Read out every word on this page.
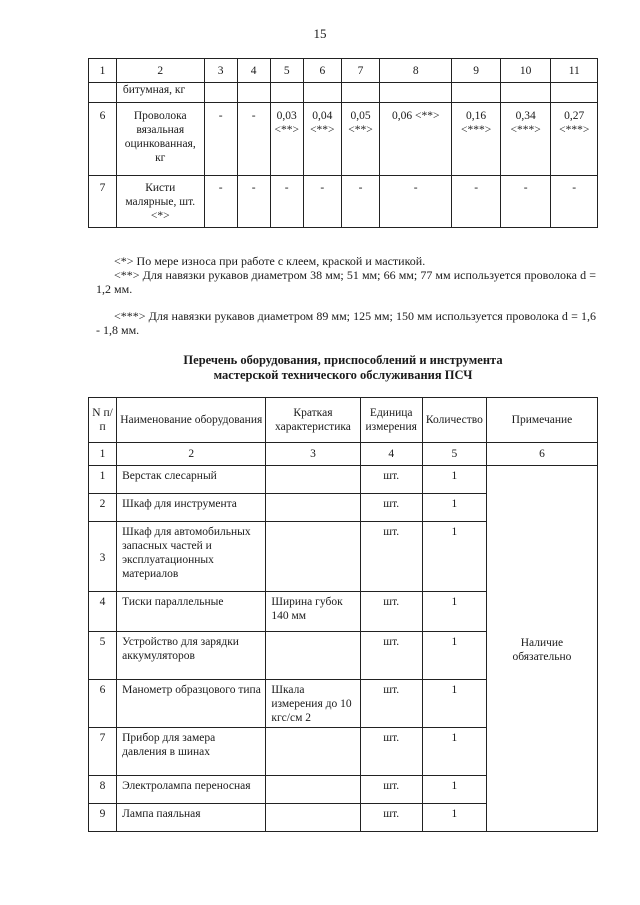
15
1	2	3	4	5	6	7	8	9	10	11
	битумная, кг									
6	Проволока вязальная оцинкованная, кг	-	-	0,03 <**>	0,04 <**>	0,05 <**>	0,06 <**>	0,16 <***>	0,34 <***>	0,27 <***>
7	Кисти малярные, шт. <*>	-	-	-	-	-	-	-	-	-

<*> По мере износа при работе с клеем, краской и мастикой.

<**> Для навязки рукавов диаметром 38 мм; 51 мм; 66 мм; 77 мм используется проволока d = 1,2 мм.

<***> Для навязки рукавов диаметром 89 мм; 125 мм; 150 мм используется проволока d = 1,6 - 1,8 мм.

Перечень оборудования, приспособлений и инструмента
мастерской технического обслуживания ПСЧ
N п/п	Наименование оборудования	Краткая характеристика	Единица измерения	Количество	Примечание
1	2	3	4	5	6
1	Верстак слесарный		шт.	1	Наличие обязательно
2	Шкаф для инструмента		шт.	1	
3	Шкаф для автомобильных запасных частей и эксплуатационных материалов		шт.	1	
4	Тиски параллельные	Ширина губок 140 мм	шт.	1	
5	Устройство для зарядки аккумуляторов		шт.	1	
6	Манометр образцового типа	Шкала измерения до 10 кгс/см 2	шт.	1	
7	Прибор для замера давления в шинах		шт.	1	
8	Электролампа переносная		шт.	1	
9	Лампа паяльная		шт.	1	
